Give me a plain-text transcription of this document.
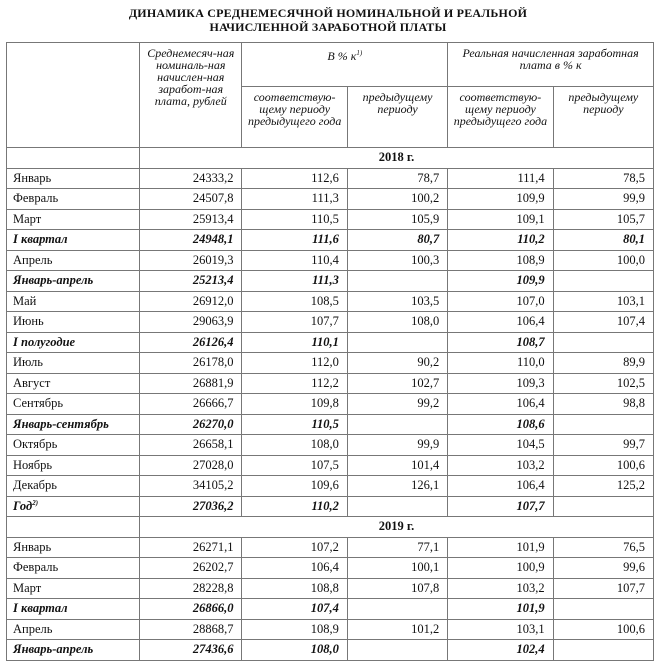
ДИНАМИКА СРЕДНЕМЕСЯЧНОЙ НОМИНАЛЬНОЙ И РЕАЛЬНОЙ
НАЧИСЛЕННОЙ ЗАРАБОТНОЙ ПЛАТЫ
	Среднемесяч-ная номиналь-ная начислен-ная заработ-ная плата, рублей	В % $к^{1)}$		Реальная начисленная заработная плата в % к	
		соответствую-щему периоду предыдущего года	предыдущему периоду	соответствую-щему периоду предыдущего года	предыдущему периоду
	2018 г.				
Январь	24333,2	112,6	78,7	111,4	78,5
Февраль	24507,8	111,3	100,2	109,9	99,9
Март	25913,4	110,5	105,9	109,1	105,7
I квартал	24948,1	111,6	80,7	110,2	80,1
Апрель	26019,3	110,4	100,3	108,9	100,0
Январь-апрель	25213,4	111,3		109,9	
Май	26912,0	108,5	103,5	107,0	103,1
Июнь	29063,9	107,7	108,0	106,4	107,4
I полугодие	26126,4	110,1		108,7	
Июль	26178,0	112,0	90,2	110,0	89,9
Август	26881,9	112,2	102,7	109,3	102,5
Сентябрь	26666,7	109,8	99,2	106,4	98,8
Январь-сентябрь	26270,0	110,5		108,6	
Октябрь	26658,1	108,0	99,9	104,5	99,7
Ноябрь	27028,0	107,5	101,4	103,2	100,6
Декабрь	34105,2	109,6	126,1	106,4	125,2
Год$^{2)}$	27036,2	110,2		107,7	
	2019 г.				
Январь	26271,1	107,2	77,1	101,9	76,5
Февраль	26202,7	106,4	100,1	100,9	99,6
Март	28228,8	108,8	107,8	103,2	107,7
I квартал	26866,0	107,4		101,9	
Апрель	28868,7	108,9	101,2	103,1	100,6
Январь-апрель	27436,6	108,0		102,4	
